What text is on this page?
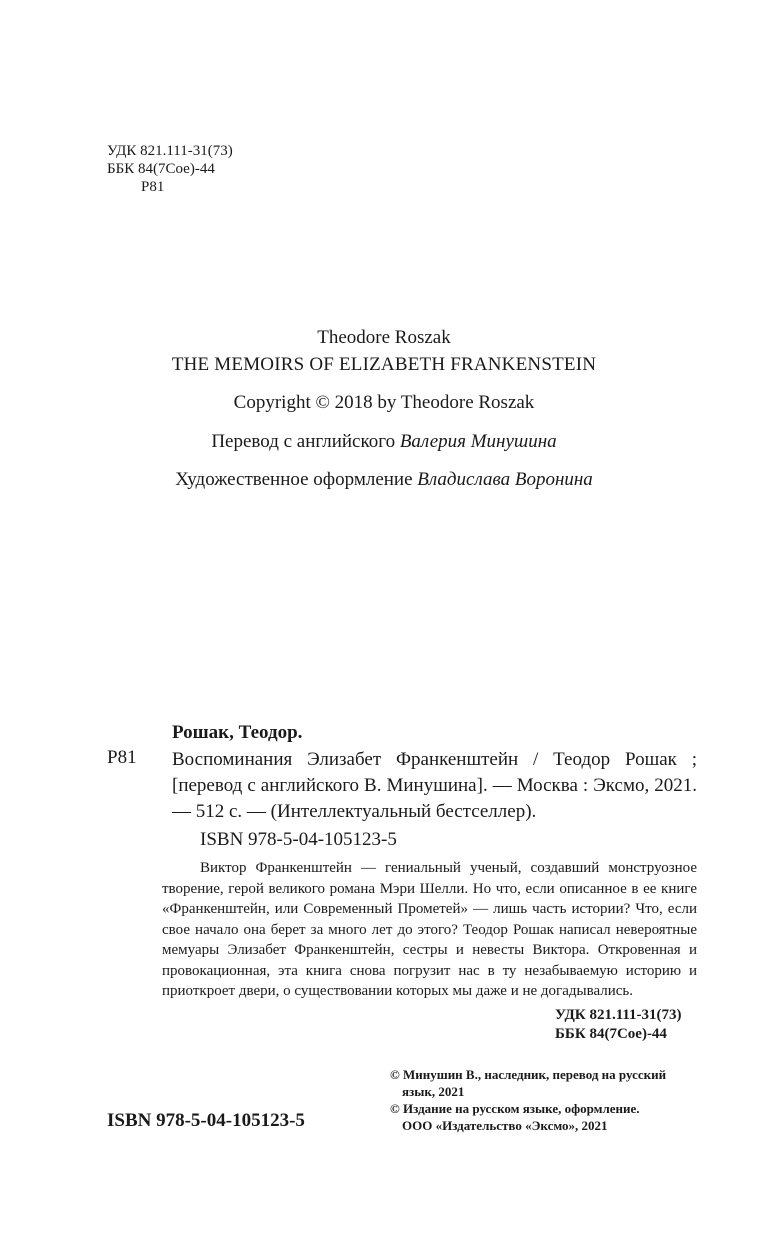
УДК 821.111-31(73)
ББК 84(7Сое)-44
Р81
Theodore Roszak
THE MEMOIRS OF ELIZABETH FRANKENSTEIN
Copyright © 2018 by Theodore Roszak
Перевод с английского Валерия Минушина
Художественное оформление Владислава Воронина
Рошак, Теодор.
Р81 Воспоминания Элизабет Франкенштейн / Теодор Рошак ; [перевод с английского В. Минушина]. — Москва : Эксмо, 2021. — 512 с. — (Интеллектуальный бестселлер).
ISBN 978-5-04-105123-5
Виктор Франкенштейн — гениальный ученый, создавший монструозное творение, герой великого романа Мэри Шелли. Но что, если описанное в ее книге «Франкенштейн, или Современный Прометей» — лишь часть истории? Что, если свое начало она берет за много лет до этого? Теодор Рошак написал невероятные мемуары Элизабет Франкенштейн, сестры и невесты Виктора. Откровенная и провокационная, эта книга снова погрузит нас в ту незабываемую историю и приоткроет двери, о существовании которых мы даже и не догадывались.
УДК 821.111-31(73)
ББК 84(7Сое)-44
© Минушин В., наследник, перевод на русский
язык, 2021
© Издание на русском языке, оформление.
ООО «Издательство «Эксмо», 2021
ISBN 978-5-04-105123-5
